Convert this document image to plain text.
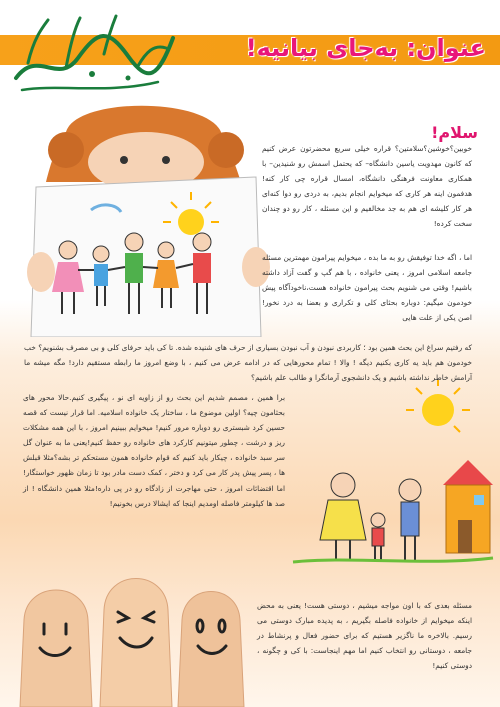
عنوان: به‌جای بیانیه!
سلام!
خوبین؟خوشین؟سلامتین؟ قراره خیلی سریع محضرتون عرض کنیم که کانون مهدویت یاسین دانشگاه– که یحتمل اسمش رو شنیدین– با همکاری معاونت فرهنگی دانشگاه، امسال قراره چی کار کنه! هدفمون اینه هر کاری که میخوایم انجام بدیم، به دردی رو دوا کنه‌ای هر کار کلیشه ای هم به جد مخالفیم و این مسئله ، کار رو دو چندان سخت کرده!
اما ، اگه خدا توفیقش رو به ما بده ، میخوایم پیرامون مهمترین مسئله جامعه اسلامی امروز ، یعنی خانواده ، با هم گپ و گفت آزاد داشته باشیم! وقتی می شنویم بحث پیرامون خانواده هست،ناخودآگاه پیش خودمون میگیم: دوباره بحثای کلی و تکراری و بعضا به درد نخور! اصن یکی از علت هایی
که رفتیم سراغ این بحث همین بود ؛ کاربردی نبودن و آب نبودن بسیاری از حرف های شنیده شده. تا کی باید حرفای کلی و بی مصرف بشنویم؟ خب خودمون هم باید یه کاری بکنیم دیگه ! والا ! تمام محورهایی که در ادامه عرض می کنیم ، با وضع امروز ما رابطه مستقیم دارد! مگه میشه ما آرامش خاطر نداشته باشیم و یک دانشجوی آرمانگرا و طالب علم باشیم؟
برا همین ، مصمم شدیم این بحث رو از زاویه ای نو ، پیگیری کنیم.حالا محور های بحثامون چیه؟ اولین موضوع ما ، ساختار یک خانواده اسلامیه. اما قرار نیست که قصه حسین کرد شبستری رو دوباره مرور کنیم! میخوایم ببینیم امروز ، با این همه مشکلات ریز و درشت ، چطور میتونیم کارکرد های خانواده رو حفظ کنیم!یعنی ما به عنوان گل سر سبد خانواده ، چیکار باید کنیم که قوام خانواده همون مستحکم تر بشه؟مثلا قبلش ها ، پسر پیش پدر کار می کرد و دختر ، کمک دست مادر بود تا زمان ظهور خواستگار! اما اقتضائات امروز ، حتی مهاجرت از زادگاه رو در پی داره!مثلا همین دانشگاه ! از صد ها کیلومتر فاصله اومدیم اینجا که ایشالا درس بخونیم!
مسئله بعدی که با اون مواجه میشیم ، دوستی هست! یعنی به محض اینکه میخوایم از خانواده فاصله بگیریم ، به پدیده مبارک دوستی می رسیم. بالاخره ما ناگزیر هستیم که برای حضور فعال و پرنشاط در جامعه ، دوستانی رو انتخاب کنیم اما مهم اینجاست: با کی و چگونه ، دوستی کنیم!
